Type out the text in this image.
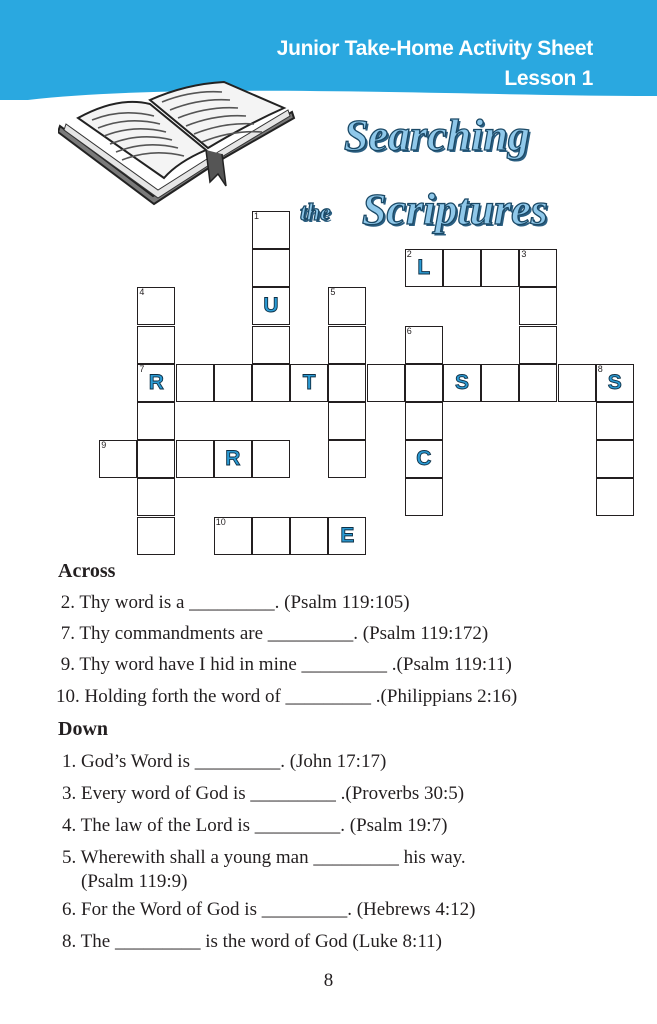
Junior Take-Home Activity Sheet
Lesson 1
Searching
the Scriptures
1
U
2
L
3
4	5
6
C
7
R	T	S
8
S
9
R
10
E
Across
2. Thy word is a _________. (Psalm 119:105)
7. Thy commandments are _________. (Psalm 119:172)
9. Thy word have I hid in mine _________ .(Psalm 119:11)
10. Holding forth the word of _________ .(Philippians 2:16)
Down
1. God’s Word is _________. (John 17:17)
3. Every word of God is _________ .(Proverbs 30:5)
4. The law of the Lord is _________. (Psalm 19:7)
5. Wherewith shall a young man _________ his way.
(Psalm 119:9)
6. For the Word of God is _________. (Hebrews 4:12)
8. The _________ is the word of God (Luke 8:11)
8
